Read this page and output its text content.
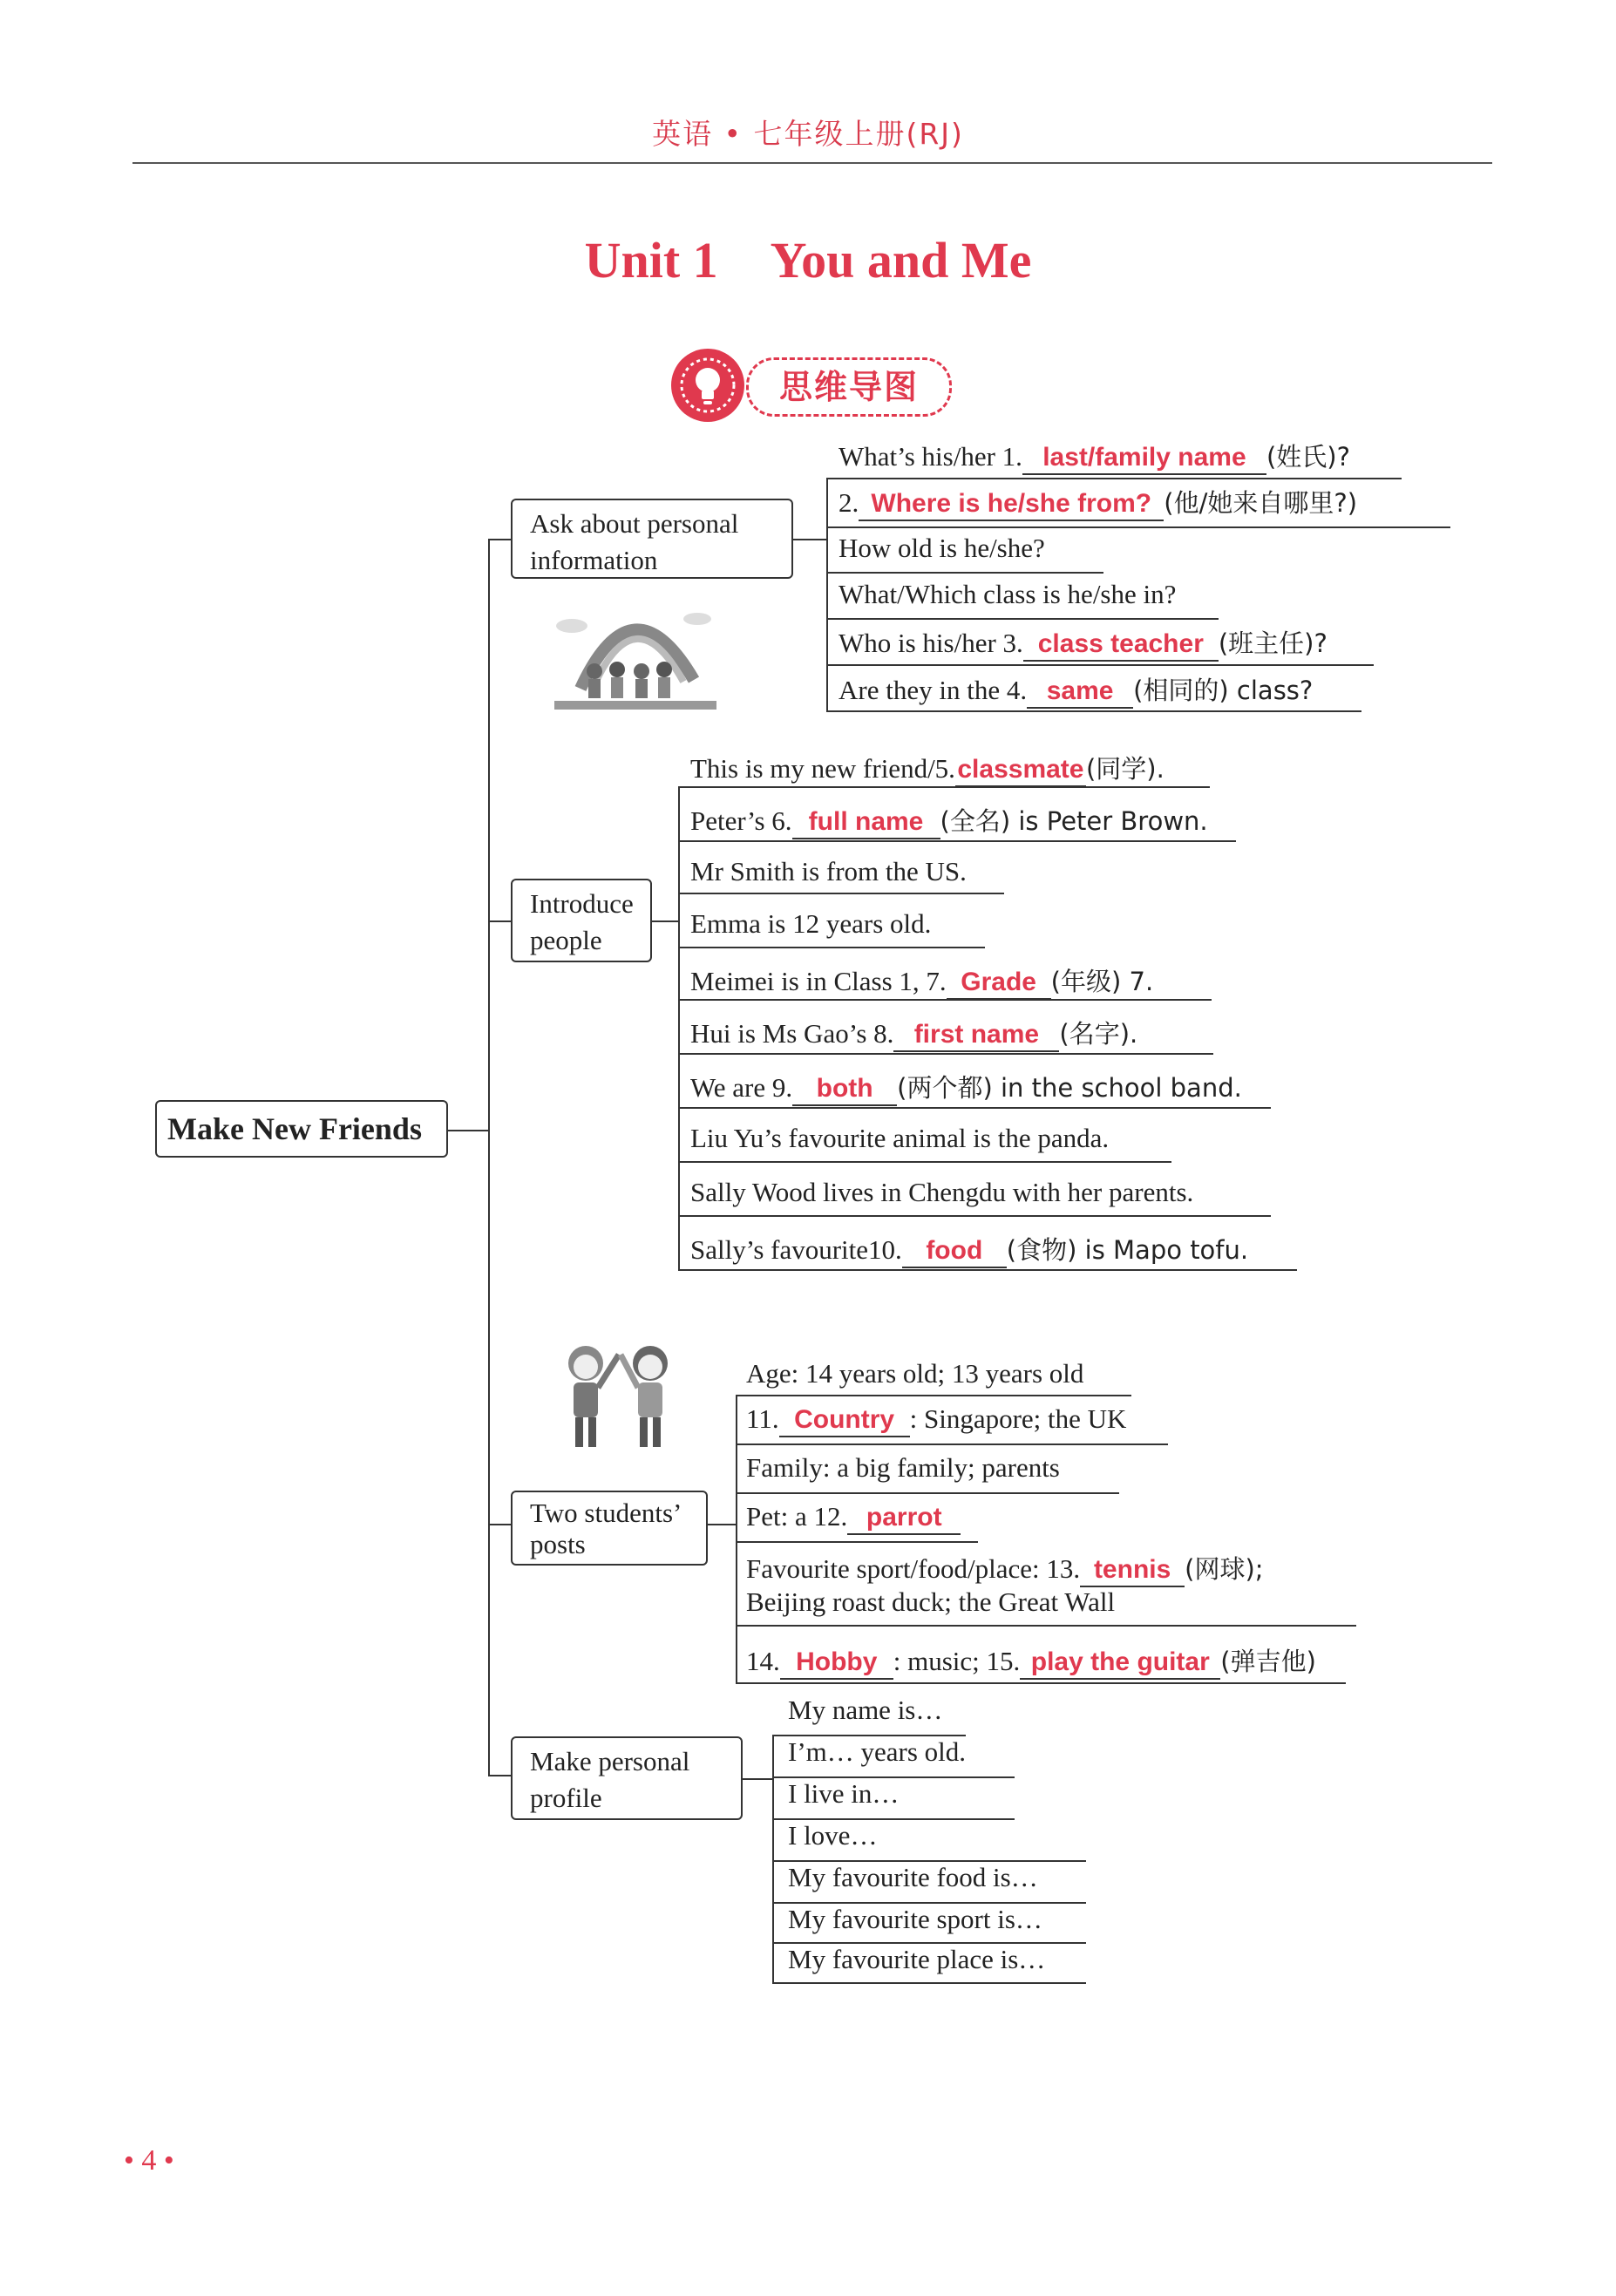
英语 • 七年级上册(RJ)
Unit 1 You and Me
思维导图
Make New Friends
Ask about personal
information
What’s his/her 1. last/family name (姓氏)?
2. Where is he/she from? (他/她来自哪里?)
How old is he/she?
What/Which class is he/she in?
Who is his/her 3. class teacher (班主任)?
Are they in the 4. same (相同的) class?
Introduce
people
This is my new friend/5.classmate(同学).
Peter’s 6. full name (全名) is Peter Brown.
Mr Smith is from the US.
Emma is 12 years old.
Meimei is in Class 1, 7. Grade (年级) 7.
Hui is Ms Gao’s 8. first name (名字).
We are 9. both (两个都) in the school band.
Liu Yu’s favourite animal is the panda.
Sally Wood lives in Chengdu with her parents.
Sally’s favourite10. food (食物) is Mapo tofu.
Two students’
posts
Age: 14 years old; 13 years old
11. Country : Singapore; the UK
Family: a big family; parents
Pet: a 12. parrot
Favourite sport/food/place: 13. tennis (网球);
Beijing roast duck; the Great Wall
14. Hobby : music; 15. play the guitar (弹吉他)
Make personal
profile
My name is…
I’m… years old.
I live in…
I love…
My favourite food is…
My favourite sport is…
My favourite place is…
• 4 •
